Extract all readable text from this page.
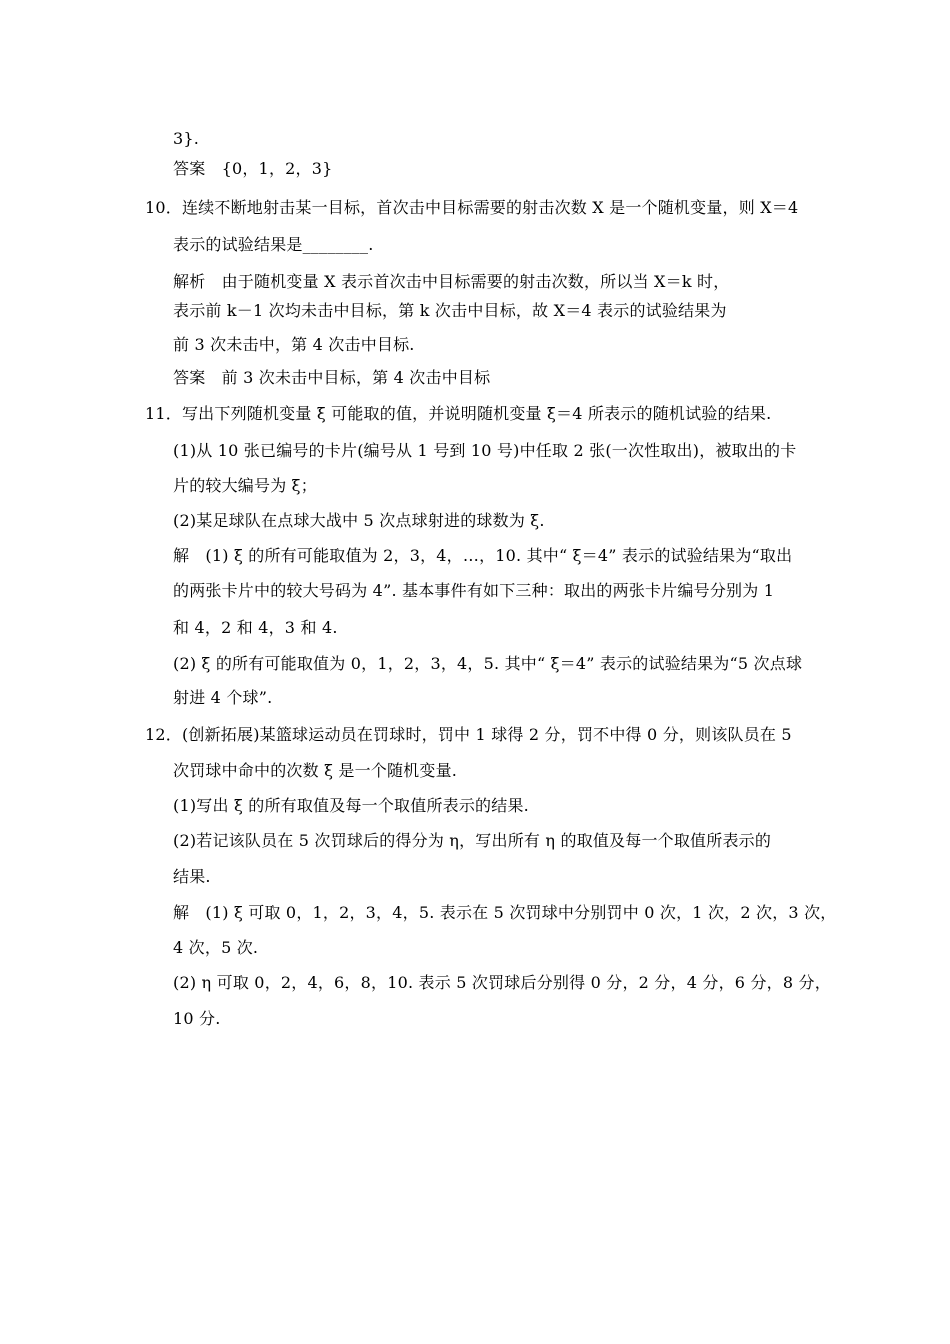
3}.
答案　{0，1，2，3}
10．连续不断地射击某一目标，首次击中目标需要的射击次数 X 是一个随机变量，则 X＝4
表示的试验结果是________.
解析　由于随机变量 X 表示首次击中目标需要的射击次数，所以当 X＝k 时，
表示前 k－1 次均未击中目标，第 k 次击中目标，故 X＝4 表示的试验结果为
前 3 次未击中，第 4 次击中目标.
答案　前 3 次未击中目标，第 4 次击中目标
11．写出下列随机变量 ξ 可能取的值，并说明随机变量 ξ＝4 所表示的随机试验的结果.
(1)从 10 张已编号的卡片(编号从 1 号到 10 号)中任取 2 张(一次性取出)，被取出的卡
片的较大编号为 ξ；
(2)某足球队在点球大战中 5 次点球射进的球数为 ξ.
解　(1) ξ 的所有可能取值为 2，3，4，…，10. 其中“ ξ＝4” 表示的试验结果为“取出
的两张卡片中的较大号码为 4”. 基本事件有如下三种：取出的两张卡片编号分别为 1
和 4，2 和 4，3 和 4.
(2) ξ 的所有可能取值为 0，1，2，3，4，5. 其中“ ξ＝4” 表示的试验结果为“5 次点球
射进 4 个球”.
12．(创新拓展)某篮球运动员在罚球时，罚中 1 球得 2 分，罚不中得 0 分，则该队员在 5
次罚球中命中的次数 ξ 是一个随机变量.
(1)写出 ξ 的所有取值及每一个取值所表示的结果.
(2)若记该队员在 5 次罚球后的得分为 η，写出所有 η 的取值及每一个取值所表示的
结果.
解　(1) ξ 可取 0，1，2，3，4，5. 表示在 5 次罚球中分别罚中 0 次，1 次，2 次，3 次，
4 次，5 次.
(2) η 可取 0，2，4，6，8，10. 表示 5 次罚球后分别得 0 分，2 分，4 分，6 分，8 分，
10 分.
